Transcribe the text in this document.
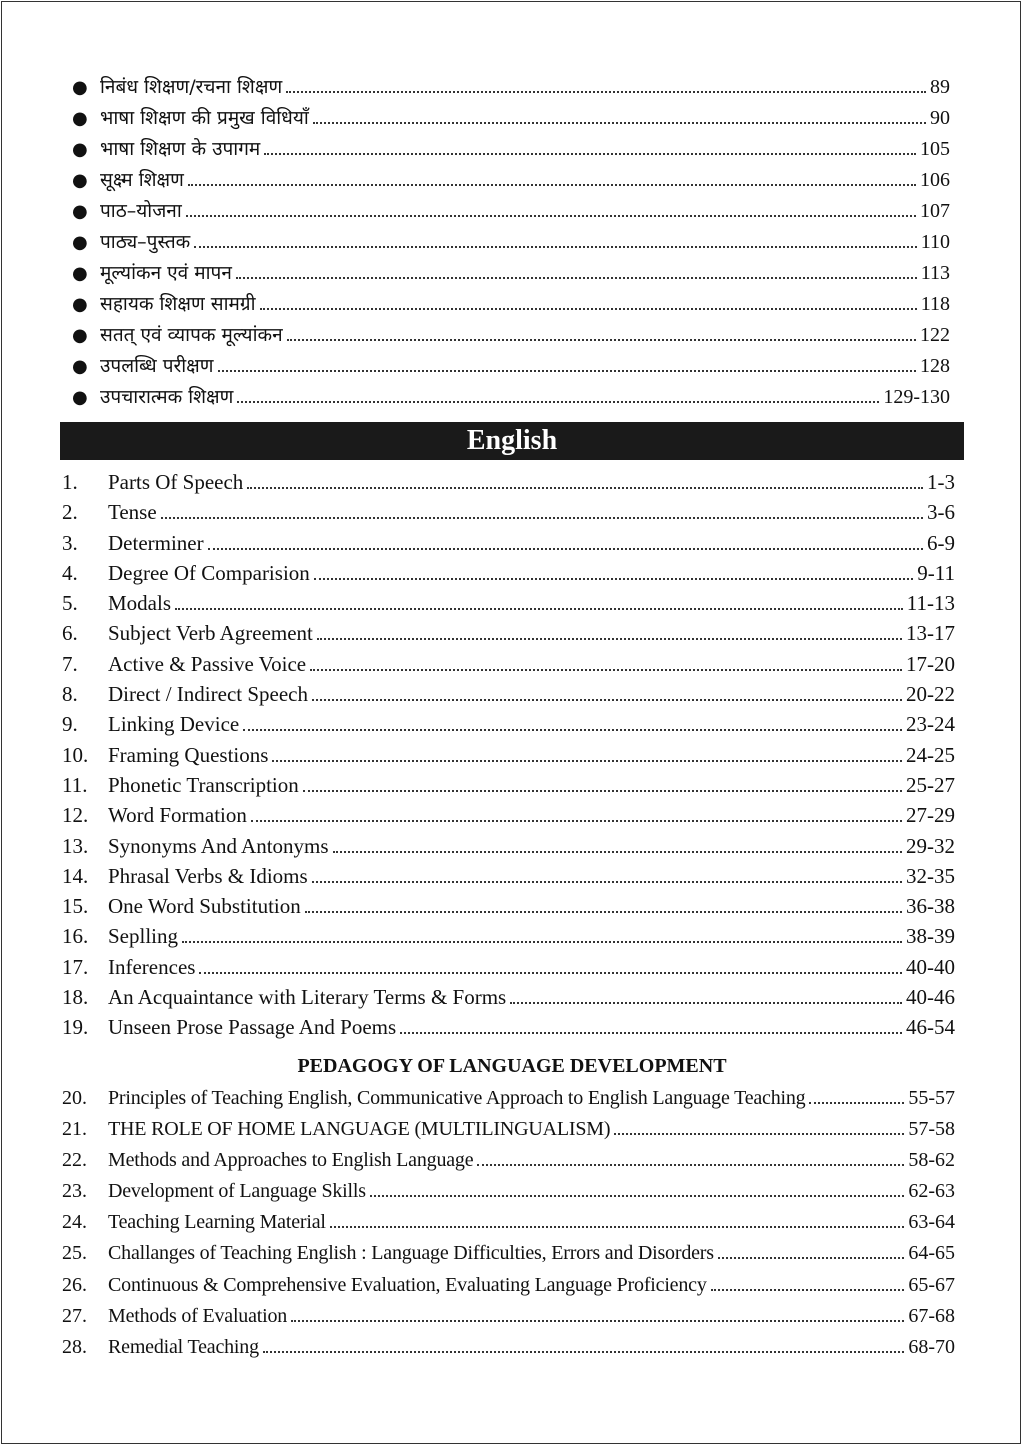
● निबंध शिक्षण/रचना शिक्षण	89
● भाषा शिक्षण की प्रमुख विधियाँ	90
● भाषा शिक्षण के उपागम	105
● सूक्ष्म शिक्षण	106
● पाठ–योजना	107
● पाठ्य–पुस्तक	110
● मूल्यांकन एवं मापन	113
● सहायक शिक्षण सामग्री	118
● सतत् एवं व्यापक मूल्यांकन	122
● उपलब्धि परीक्षण	128
● उपचारात्मक शिक्षण	129-130
English
1.	Parts Of Speech	1-3
2.	Tense	3-6
3.	Determiner	6-9
4.	Degree Of Comparision	9-11
5.	Modals	11-13
6.	Subject Verb Agreement	13-17
7.	Active & Passive Voice	17-20
8.	Direct / Indirect Speech	20-22
9.	Linking Device	23-24
10. Framing Questions	24-25
11. Phonetic Transcription	25-27
12. Word Formation	27-29
13. Synonyms And Antonyms	29-32
14. Phrasal Verbs & Idioms	32-35
15. One Word Substitution	36-38
16. Seplling	38-39
17. Inferences	40-40
18. An Acquaintance with Literary Terms & Forms	40-46
19. Unseen Prose Passage And Poems	46-54
PEDAGOGY OF LANGUAGE DEVELOPMENT
20.	Principles of Teaching English, Communicative Approach to English Language Teaching	55-57
21.	THE ROLE OF HOME LANGUAGE (MULTILINGUALISM)	57-58
22.	Methods and Approaches to English Language	58-62
23.	Development of Language Skills	62-63
24.	Teaching Learning Material	63-64
25.	Challanges of Teaching English : Language Difficulties, Errors and Disorders	64-65
26.	Continuous & Comprehensive Evaluation, Evaluating Language Proficiency	65-67
27.	Methods of Evaluation	67-68
28.	Remedial Teaching	68-70
